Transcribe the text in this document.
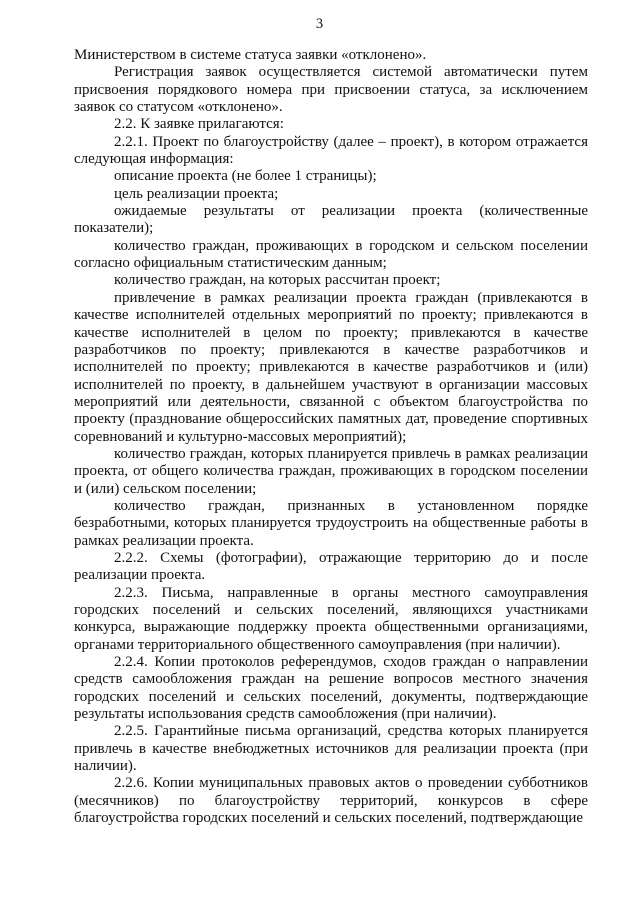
3

Министерством в системе статуса заявки «отклонено».

Регистрация заявок осуществляется системой автоматически путем присвоения порядкового номера при присвоении статуса, за исключением заявок со статусом «отклонено».

2.2. К заявке прилагаются:

2.2.1. Проект по благоустройству (далее – проект), в котором отражается следующая информация:

описание проекта (не более 1 страницы);

цель реализации проекта;

ожидаемые результаты от реализации проекта (количественные показатели);

количество граждан, проживающих в городском и сельском поселении согласно официальным статистическим данным;

количество граждан, на которых рассчитан проект;

привлечение в рамках реализации проекта граждан (привлекаются в качестве исполнителей отдельных мероприятий по проекту; привлекаются в качестве исполнителей в целом по проекту; привлекаются в качестве разработчиков по проекту; привлекаются в качестве разработчиков и исполнителей по проекту; привлекаются в качестве разработчиков и (или) исполнителей по проекту, в дальнейшем участвуют в организации массовых мероприятий или деятельности, связанной с объектом благоустройства по проекту (празднование общероссийских памятных дат, проведение спортивных соревнований и культурно-массовых мероприятий);

количество граждан, которых планируется привлечь в рамках реализации проекта, от общего количества граждан, проживающих в городском поселении и (или) сельском поселении;

количество граждан, признанных в установленном порядке безработными, которых планируется трудоустроить на общественные работы в рамках реализации проекта.

2.2.2. Схемы (фотографии), отражающие территорию до и после реализации проекта.

2.2.3. Письма, направленные в органы местного самоуправления городских поселений и сельских поселений, являющихся участниками конкурса, выражающие поддержку проекта общественными организациями, органами территориального общественного самоуправления (при наличии).

2.2.4. Копии протоколов референдумов, сходов граждан о направлении средств самообложения граждан на решение вопросов местного значения городских поселений и сельских поселений, документы, подтверждающие результаты использования средств самообложения (при наличии).

2.2.5. Гарантийные письма организаций, средства которых планируется привлечь в качестве внебюджетных источников для реализации проекта (при наличии).

2.2.6. Копии муниципальных правовых актов о проведении субботников (месячников) по благоустройству территорий, конкурсов в сфере благоустройства городских поселений и сельских поселений, подтверждающие
